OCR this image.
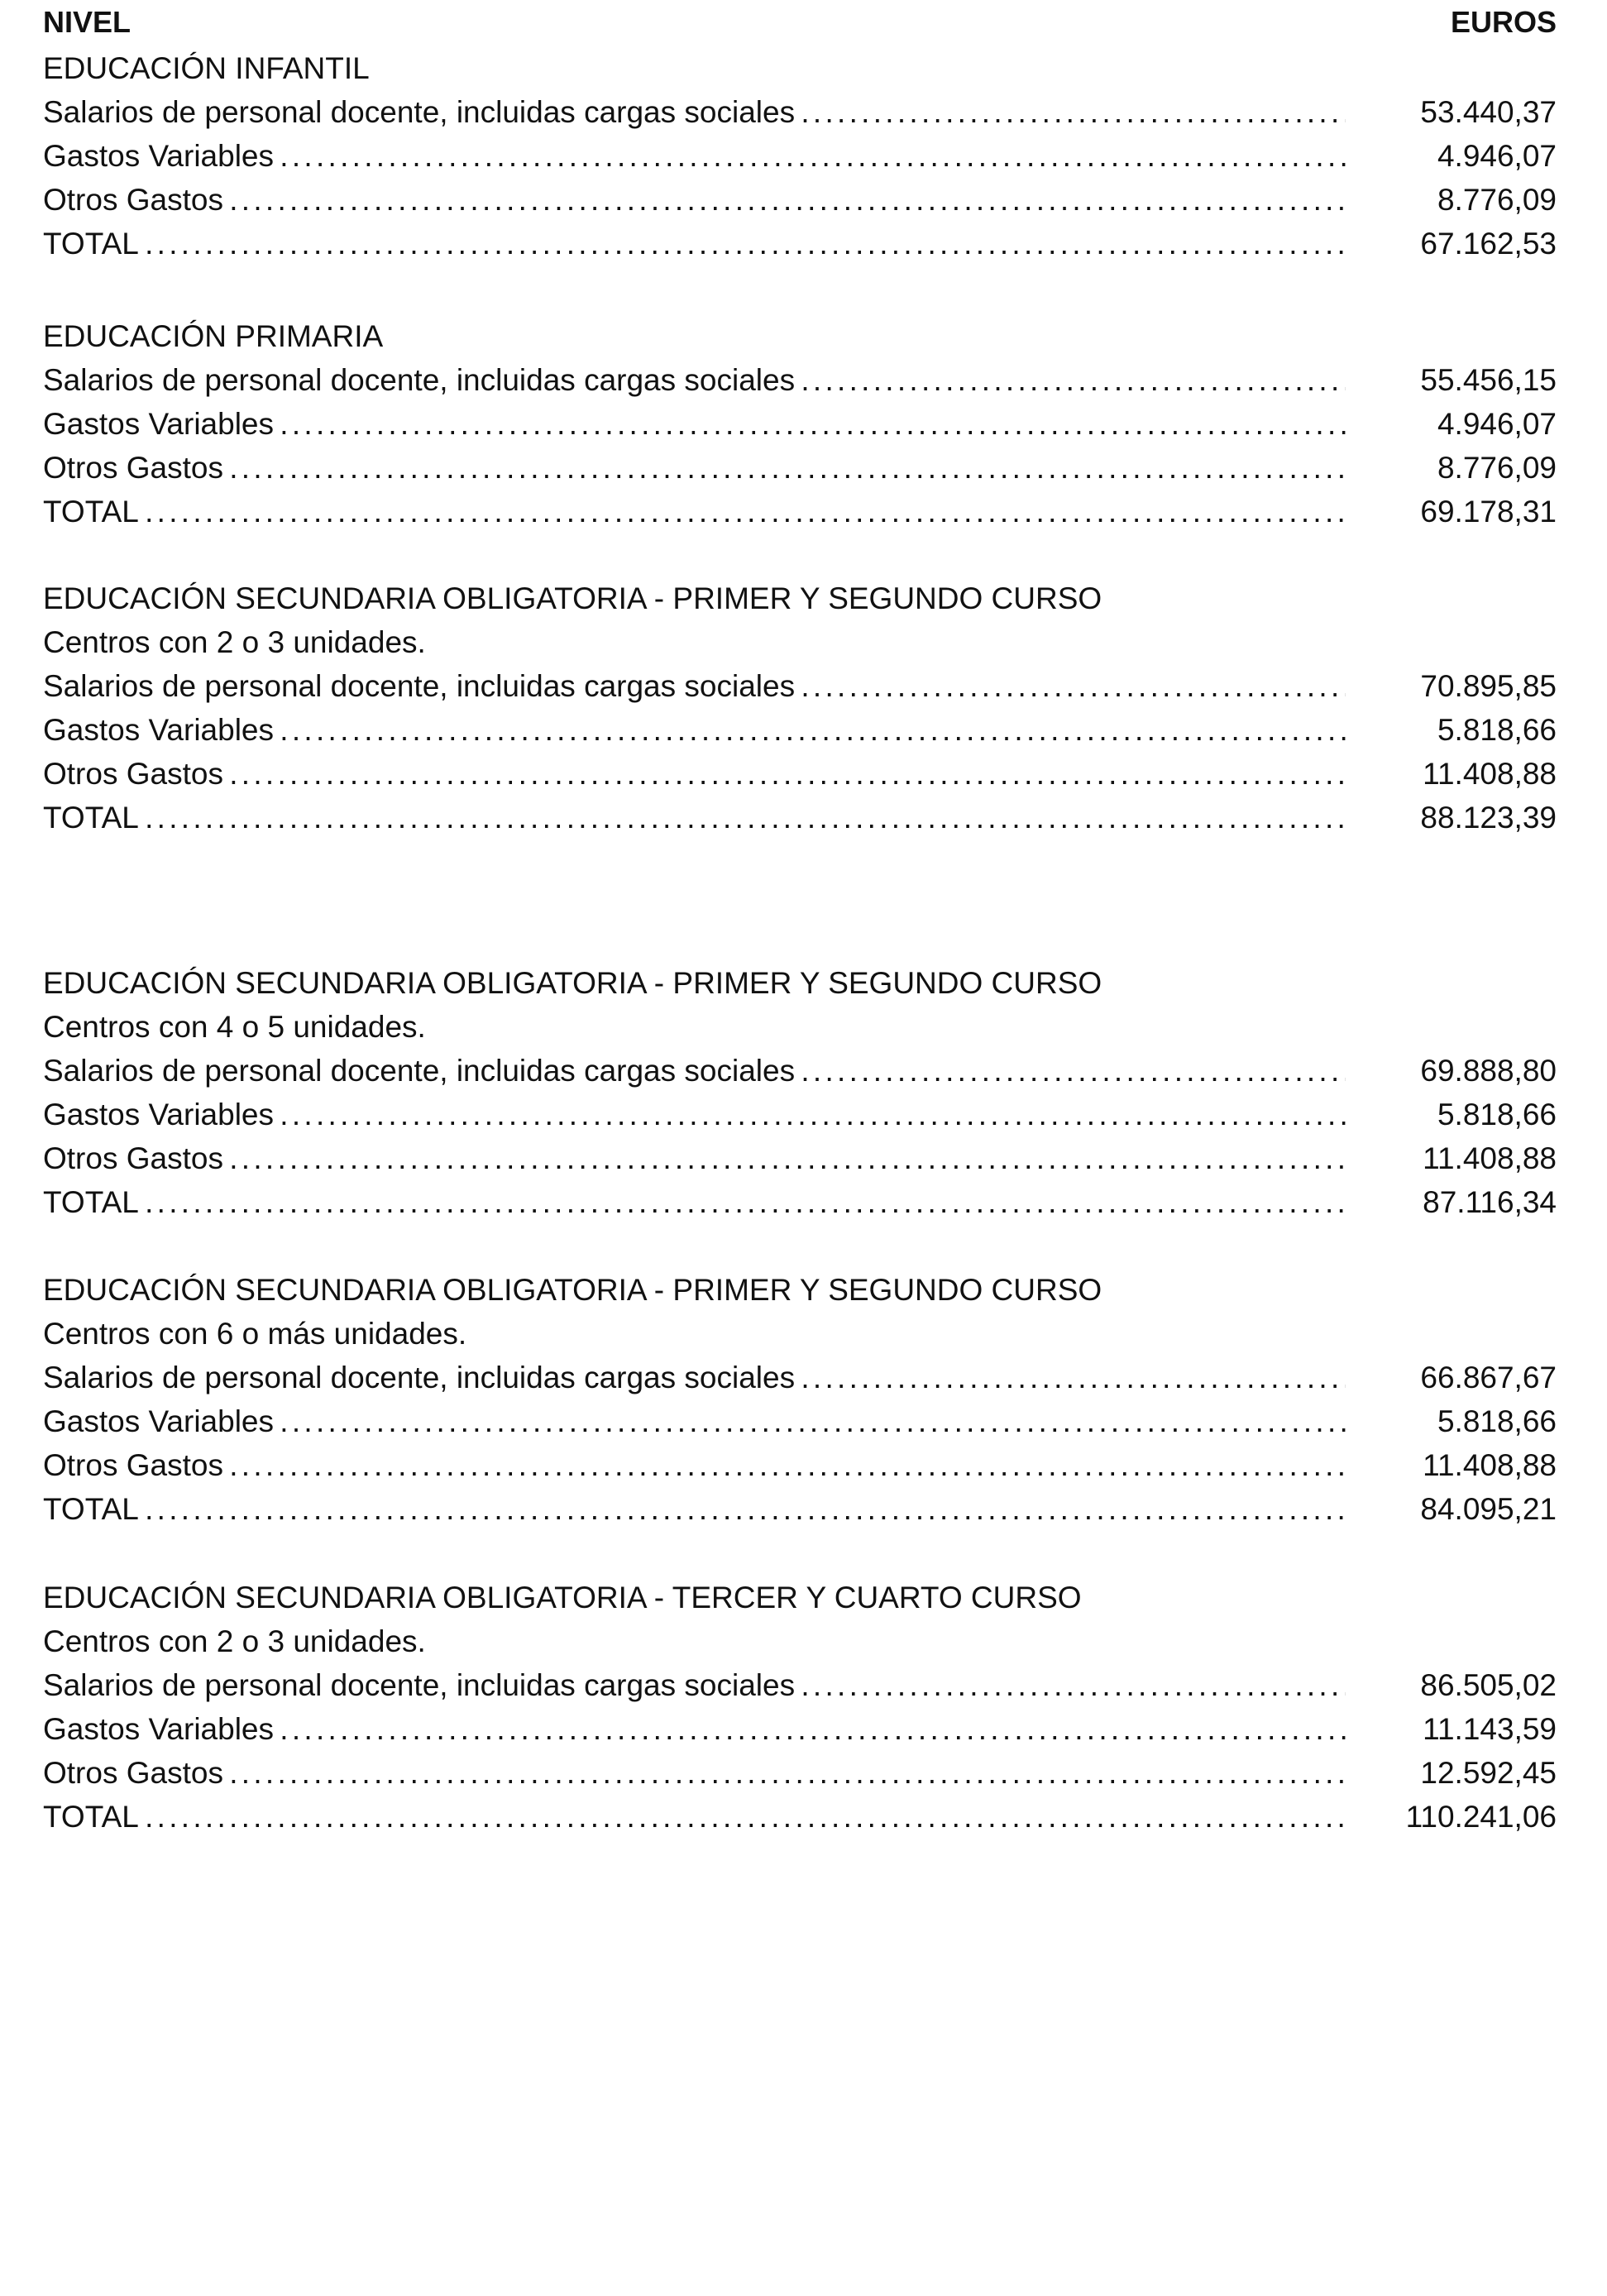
NIVEL	EUROS
EDUCACIÓN INFANTIL
Salarios de personal docente, incluidas cargas sociales . . .	53.440,37
Gastos Variables . . .	4.946,07
Otros Gastos . . .	8.776,09
TOTAL . . .	67.162,53
EDUCACIÓN PRIMARIA
Salarios de personal docente, incluidas cargas sociales . . .	55.456,15
Gastos Variables . . .	4.946,07
Otros Gastos . . .	8.776,09
TOTAL . . .	69.178,31
EDUCACIÓN SECUNDARIA OBLIGATORIA - PRIMER Y SEGUNDO CURSO
Centros con 2 o 3 unidades.
Salarios de personal docente, incluidas cargas sociales . . .	70.895,85
Gastos Variables . . .	5.818,66
Otros Gastos . . .	11.408,88
TOTAL . . .	88.123,39
EDUCACIÓN SECUNDARIA OBLIGATORIA - PRIMER Y SEGUNDO CURSO
Centros con 4 o 5 unidades.
Salarios de personal docente, incluidas cargas sociales . . .	69.888,80
Gastos Variables . . .	5.818,66
Otros Gastos . . .	11.408,88
TOTAL . . .	87.116,34
EDUCACIÓN SECUNDARIA OBLIGATORIA - PRIMER Y SEGUNDO CURSO
Centros con 6 o más unidades.
Salarios de personal docente, incluidas cargas sociales . . .	66.867,67
Gastos Variables . . .	5.818,66
Otros Gastos . . .	11.408,88
TOTAL . . .	84.095,21
EDUCACIÓN SECUNDARIA OBLIGATORIA - TERCER Y CUARTO CURSO
Centros con 2 o 3 unidades.
Salarios de personal docente, incluidas cargas sociales . . .	86.505,02
Gastos Variables . . .	11.143,59
Otros Gastos . . .	12.592,45
TOTAL . . .	110.241,06
